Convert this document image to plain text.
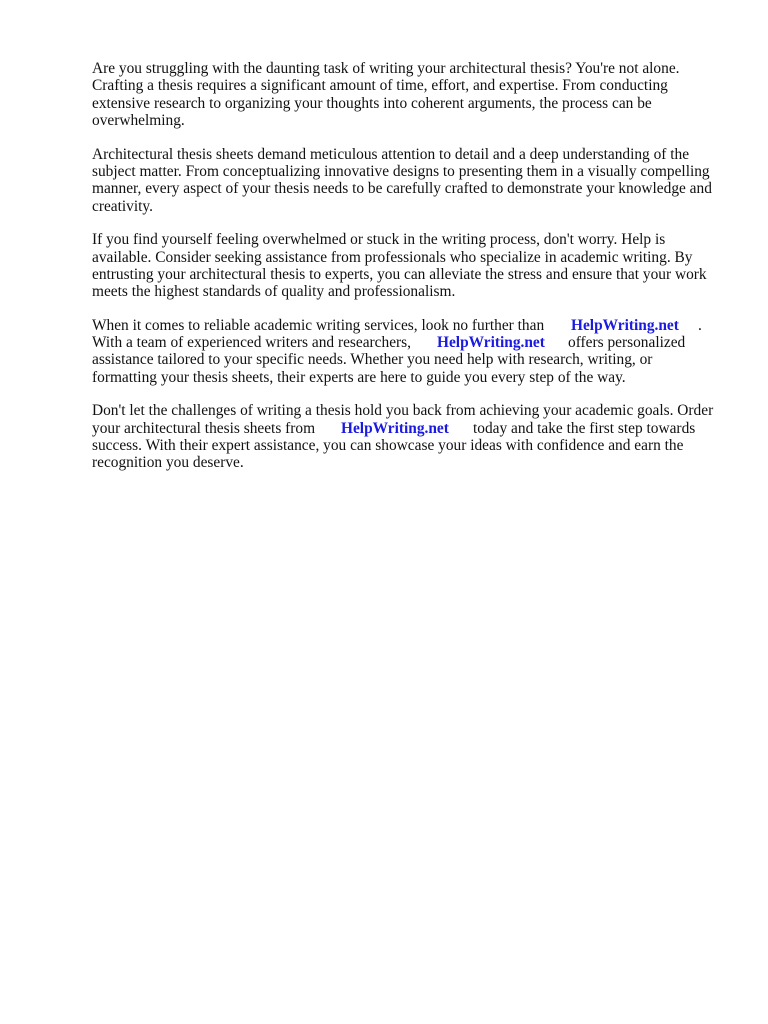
Are you struggling with the daunting task of writing your architectural thesis? You're not alone.
Crafting a thesis requires a significant amount of time, effort, and expertise. From conducting
extensive research to organizing your thoughts into coherent arguments, the process can be
overwhelming.

Architectural thesis sheets demand meticulous attention to detail and a deep understanding of the
subject matter. From conceptualizing innovative designs to presenting them in a visually compelling
manner, every aspect of your thesis needs to be carefully crafted to demonstrate your knowledge and
creativity.

If you find yourself feeling overwhelmed or stuck in the writing process, don't worry. Help is
available. Consider seeking assistance from professionals who specialize in academic writing. By
entrusting your architectural thesis to experts, you can alleviate the stress and ensure that your work
meets the highest standards of quality and professionalism.

When it comes to reliable academic writing services, look no further than HelpWriting.net .
With a team of experienced writers and researchers, HelpWriting.net offers personalized
assistance tailored to your specific needs. Whether you need help with research, writing, or
formatting your thesis sheets, their experts are here to guide you every step of the way.

Don't let the challenges of writing a thesis hold you back from achieving your academic goals. Order
your architectural thesis sheets from HelpWriting.net today and take the first step towards
success. With their expert assistance, you can showcase your ideas with confidence and earn the
recognition you deserve.
